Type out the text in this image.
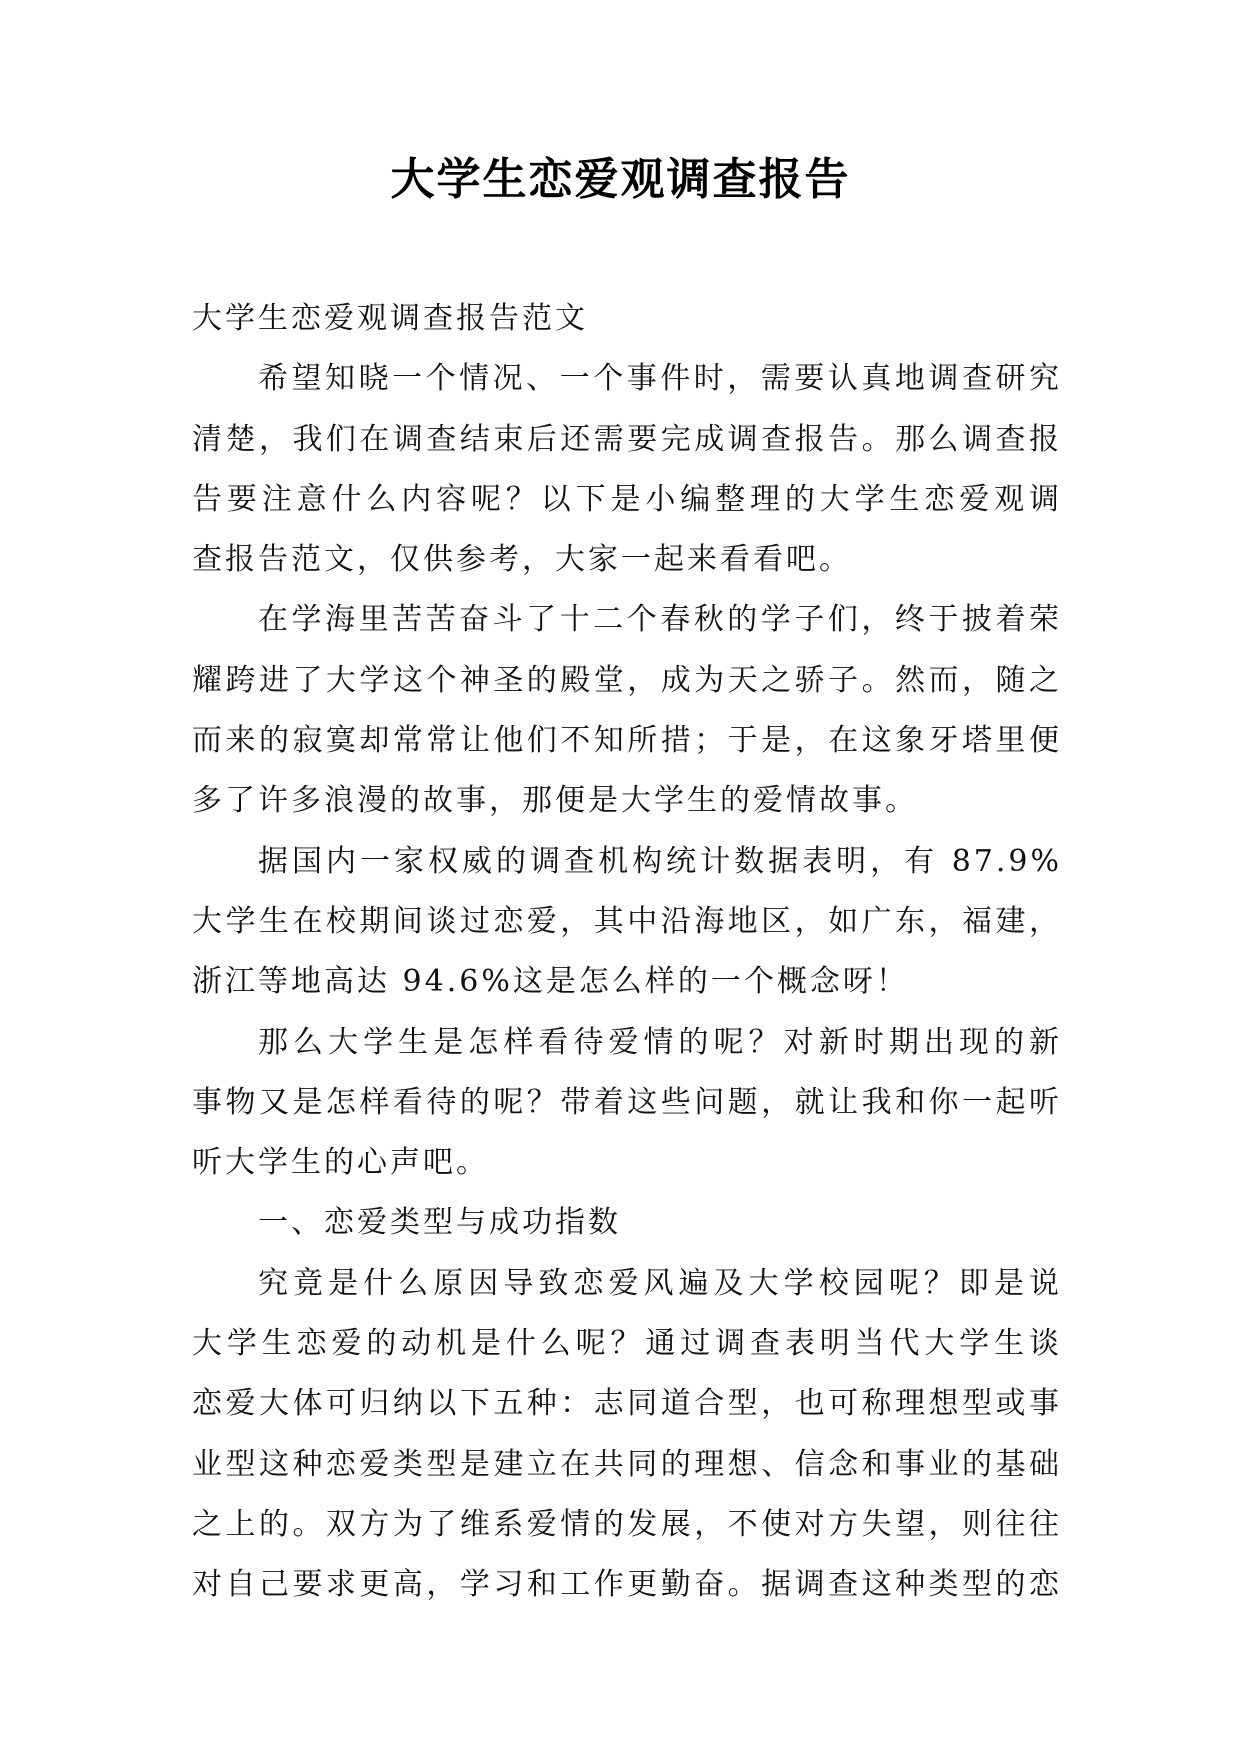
大学生恋爱观调查报告
大学生恋爱观调查报告范文
希望知晓一个情况、一个事件时，需要认真地调查研究
清楚，我们在调查结束后还需要完成调查报告。那么调查报
告要注意什么内容呢？以下是小编整理的大学生恋爱观调
查报告范文，仅供参考，大家一起来看看吧。
在学海里苦苦奋斗了十二个春秋的学子们，终于披着荣
耀跨进了大学这个神圣的殿堂，成为天之骄子。然而，随之
而来的寂寞却常常让他们不知所措；于是，在这象牙塔里便
多了许多浪漫的故事，那便是大学生的爱情故事。
据国内一家权威的调查机构统计数据表明，有 87.9%
大学生在校期间谈过恋爱，其中沿海地区，如广东，福建，
浙江等地高达 94.6%这是怎么样的一个概念呀！
那么大学生是怎样看待爱情的呢？对新时期出现的新
事物又是怎样看待的呢？带着这些问题，就让我和你一起听
听大学生的心声吧。
一、恋爱类型与成功指数
究竟是什么原因导致恋爱风遍及大学校园呢？即是说
大学生恋爱的动机是什么呢？通过调查表明当代大学生谈
恋爱大体可归纳以下五种：志同道合型，也可称理想型或事
业型这种恋爱类型是建立在共同的理想、信念和事业的基础
之上的。双方为了维系爱情的发展，不使对方失望，则往往
对自己要求更高，学习和工作更勤奋。据调查这种类型的恋
